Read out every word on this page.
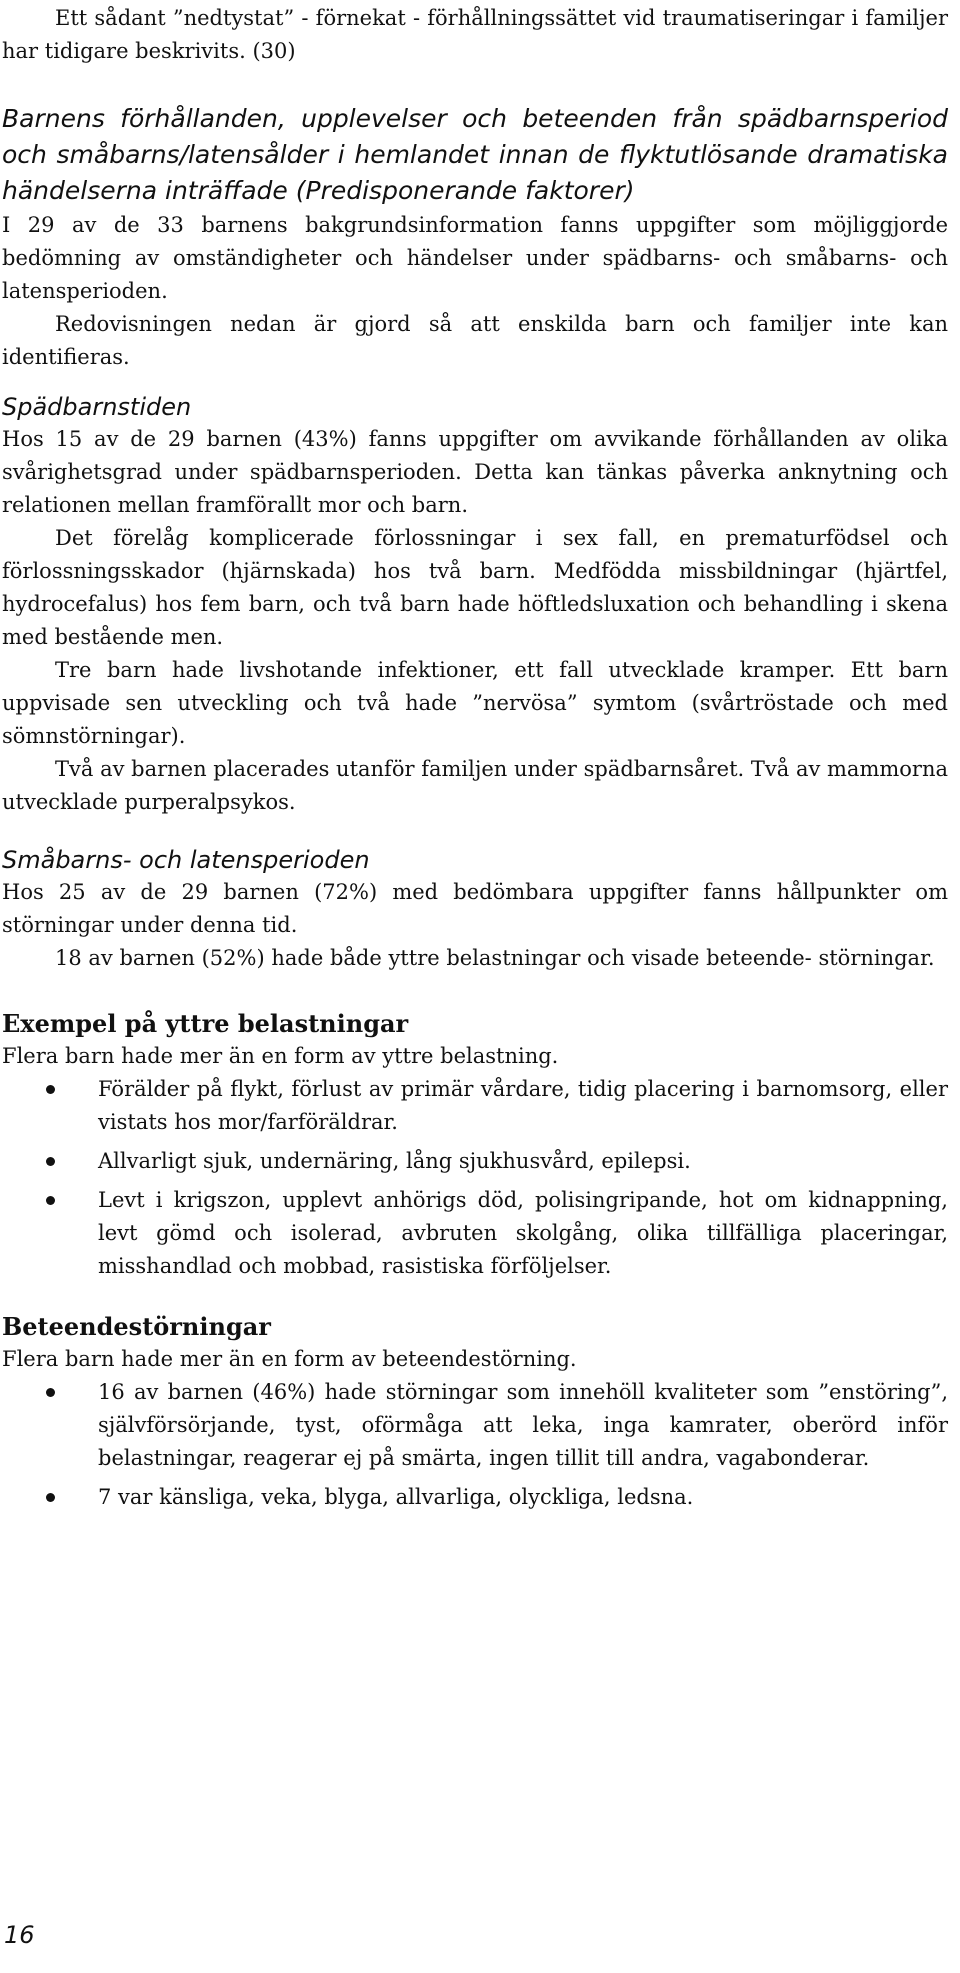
Ett sådant ”nedtystat” - förnekat - förhållningssättet vid traumatiseringar i familjer har tidigare beskrivits. (30)

Barnens förhållanden, upplevelser och beteenden från spädbarnsperiod och småbarns/latensålder i hemlandet innan de flyktutlösande dramatiska händelserna inträffade (Predisponerande faktorer)

I 29 av de 33 barnens bakgrundsinformation fanns uppgifter som möjliggjorde bedömning av omständigheter och händelser under spädbarns- och småbarns- och latensperioden.

Redovisningen nedan är gjord så att enskilda barn och familjer inte kan identifieras.

Spädbarnstiden

Hos 15 av de 29 barnen (43%) fanns uppgifter om avvikande förhållanden av olika svårighetsgrad under spädbarnsperioden. Detta kan tänkas påverka anknytning och relationen mellan framförallt mor och barn.

Det förelåg komplicerade förlossningar i sex fall, en prematurfödsel och förlossningsskador (hjärnskada) hos två barn. Medfödda missbildningar (hjärtfel, hydrocefalus) hos fem barn, och två barn hade höftledsluxation och behandling i skena med bestående men.

Tre barn hade livshotande infektioner, ett fall utvecklade kramper. Ett barn uppvisade sen utveckling och två hade ”nervösa” symtom (svårtröstade och med sömnstörningar).

Två av barnen placerades utanför familjen under spädbarnsåret. Två av mammorna utvecklade purperalpsykos.

Småbarns- och latensperioden

Hos 25 av de 29 barnen (72%) med bedömbara uppgifter fanns hållpunkter om störningar under denna tid.

18 av barnen (52%) hade både yttre belastningar och visade beteende- störningar.

Exempel på yttre belastningar

Flera barn hade mer än en form av yttre belastning.

Förälder på flykt, förlust av primär vårdare, tidig placering i barnomsorg, eller vistats hos mor/farföräldrar.
Allvarligt sjuk, undernäring, lång sjukhusvård, epilepsi.
Levt i krigszon, upplevt anhörigs död, polisingripande, hot om kidnappning, levt gömd och isolerad, avbruten skolgång, olika tillfälliga placeringar, misshandlad och mobbad, rasistiska förföljelser.

Beteendestörningar

Flera barn hade mer än en form av beteendestörning.

16 av barnen (46%) hade störningar som innehöll kvaliteter som ”enstöring”, självförsörjande, tyst, oförmåga att leka, inga kamrater, oberörd inför belastningar, reagerar ej på smärta, ingen tillit till andra, vagabonderar.
7 var känsliga, veka, blyga, allvarliga, olyckliga, ledsna.
16
